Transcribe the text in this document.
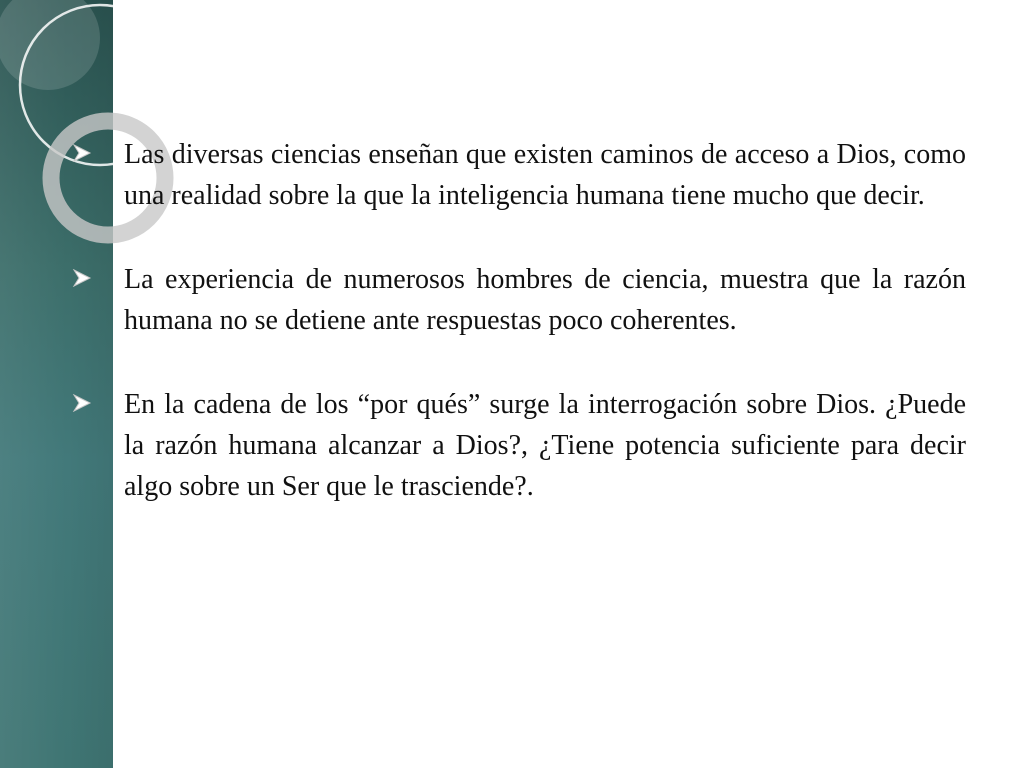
Las diversas ciencias enseñan que existen caminos de acceso a Dios, como una realidad sobre la que la inteligencia humana tiene mucho que decir.
La experiencia de numerosos hombres de ciencia, muestra que la razón humana no se detiene ante respuestas poco coherentes.
En la cadena de los “por qués” surge la interrogación sobre Dios. ¿Puede la razón humana alcanzar a Dios?, ¿Tiene potencia suficiente para decir algo sobre un Ser que le trasciende?.
